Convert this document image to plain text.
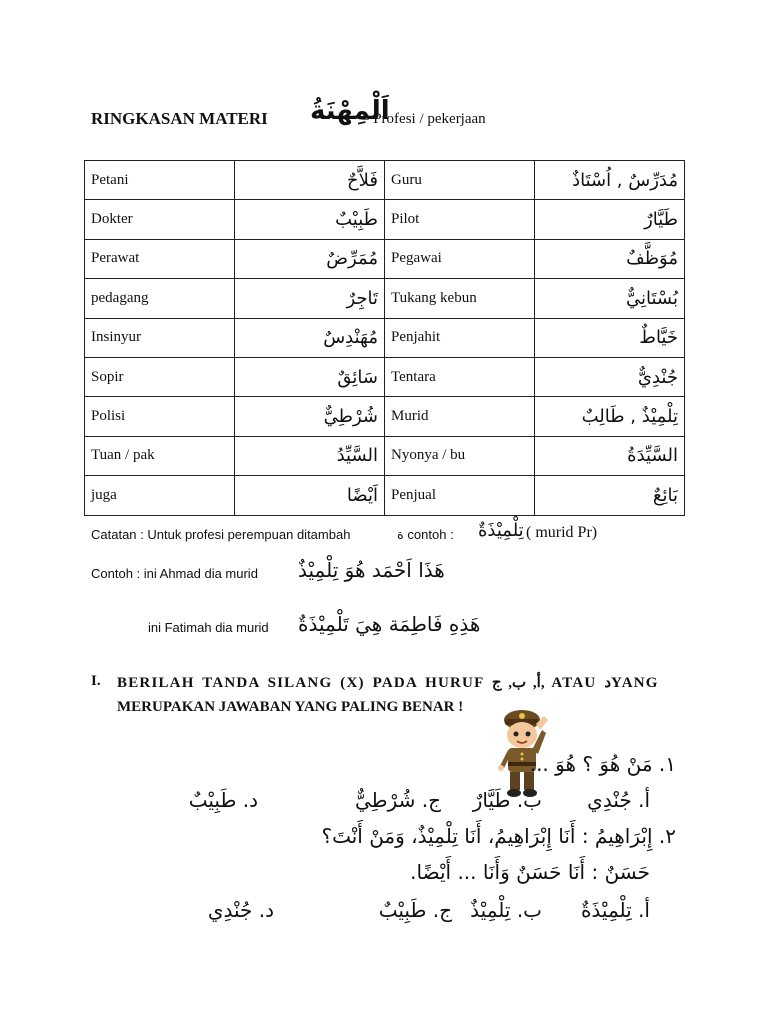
RINGKASAN MATERI اَلْمِهْنَةُ
= Profesi / pekerjaan
Petani	فَلاَّحٌ	Guru	مُدَرِّسٌ , اُسْتَاذٌ
Dokter	طَبِيْبٌ	Pilot	طَيَّارٌ
Perawat	مُمَرِّضٌ	Pegawai	مُوَظَّفٌ
pedagang	تَاجِرٌ	Tukang kebun	بُسْتَانِيٌّ
Insinyur	مُهَنْدِسٌ	Penjahit	خَيَّاطٌ
Sopir	سَائِقٌ	Tentara	جُنْدِيٌّ
Polisi	شُرْطِيٌّ	Murid	تِلْمِيْذٌ , طَالِبٌ
Tuan / pak	السَّيِّدُ	Nyonya / bu	السَّيِّدَةُ
juga	اَيْضًا	Penjual	بَائِعٌ
Catatan : Untuk profesi perempuan ditambah	ة contoh : تِلْمِيْذَةٌ ( murid Pr)
Contoh : ini Ahmad dia murid هَذَا اَحْمَد هُوَ تِلْمِيْذٌ
ini Fatimah dia murid هَذِهِ فَاطِمَة هِيَ تَلْمِيْذَةٌ
I. BERILAH TANDA SILANG (X) PADA HURUF أ, ب, ج, ATAU دYANG
MERUPAKAN JAWABAN YANG PALING BENAR !
١. مَنْ هُوَ ؟ هُوَ ...
أ. جُنْدِي
ب. طَيَّارٌ
ج. شُرْطِيٌّ
د. طَبِيْبٌ
٢. إِبْرَاهِيمُ : أَنَا إِبْرَاهِيمُ، أَنَا تِلْمِيْذٌ، وَمَنْ أَنْتَ؟
حَسَنٌ : أَنَا حَسَنٌ وَأَنَا ... أَيْضًا.
أ. تِلْمِيْذَةٌ
ب. تِلْمِيْذٌ
ج. طَبِيْبٌ
د. جُنْدِي
